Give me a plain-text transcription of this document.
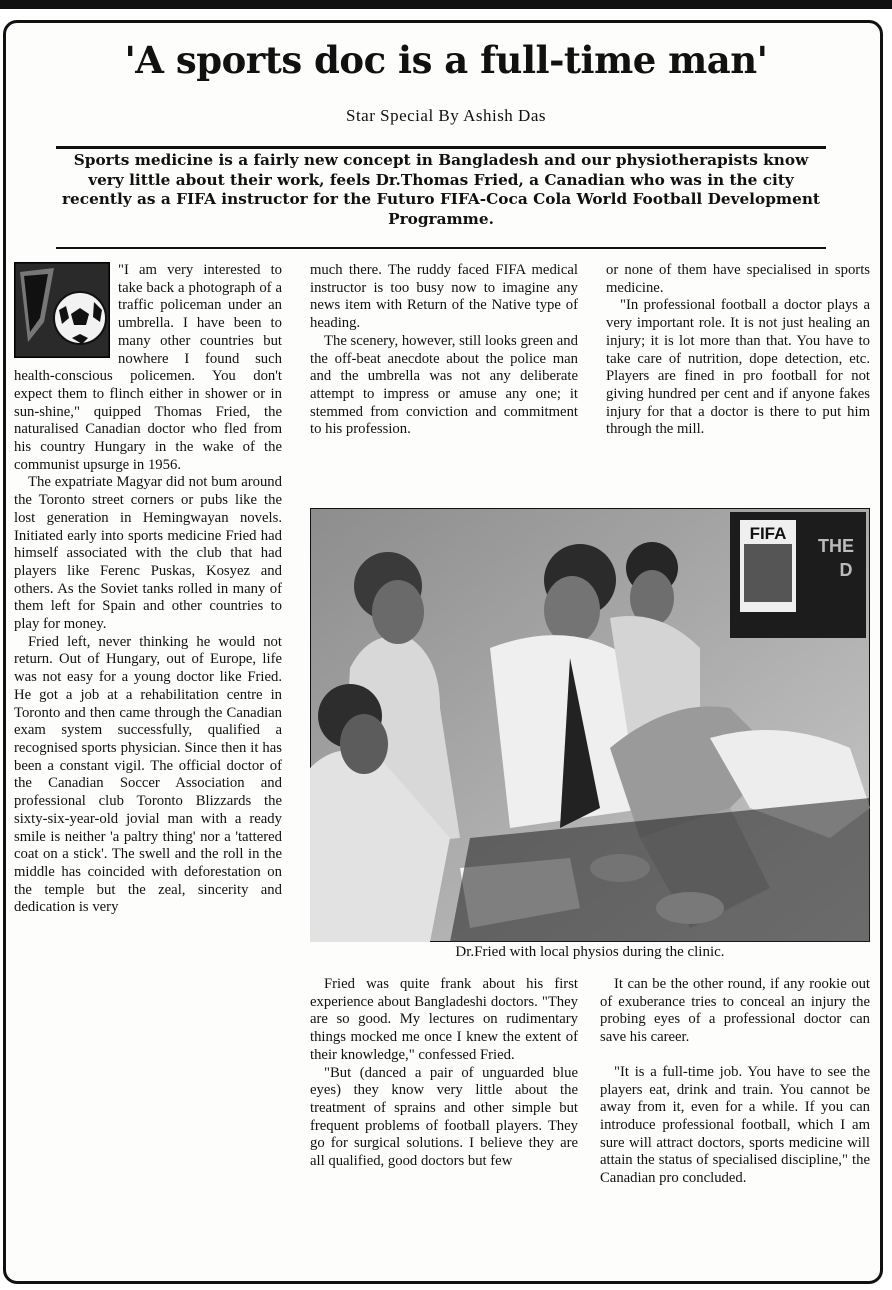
'A sports doc is a full-time man'
Star Special By Ashish Das
Sports medicine is a fairly new concept in Bangladesh and our physiotherapists know very little about their work, feels Dr.Thomas Fried, a Canadian who was in the city recently as a FIFA instructor for the Futuro FIFA-Coca Cola World Football Development Programme.

"I am very interested to take back a photograph of a traffic policeman under an umbrella. I have been to many other countries but nowhere I found such health-conscious policemen. You don't expect them to flinch either in shower or in sun-shine," quipped Thomas Fried, the naturalised Canadian doctor who fled from his country Hungary in the wake of the communist upsurge in 1956.

The expatriate Magyar did not bum around the Toronto street corners or pubs like the lost generation in Hemingwayan novels. Initiated early into sports medicine Fried had himself associated with the club that had players like Ferenc Puskas, Kosyez and others. As the Soviet tanks rolled in many of them left for Spain and other countries to play for money.

Fried left, never thinking he would not return. Out of Hungary, out of Europe, life was not easy for a young doctor like Fried. He got a job at a rehabilitation centre in Toronto and then came through the Canadian exam system successfully, qualified a recognised sports physician. Since then it has been a constant vigil. The official doctor of the Canadian Soccer Association and professional club Toronto Blizzards the sixty-six-year-old jovial man with a ready smile is neither 'a paltry thing' nor a 'tattered coat on a stick'. The swell and the roll in the middle has coincided with deforestation on the temple but the zeal, sincerity and dedication is very

much there. The ruddy faced FIFA medical instructor is too busy now to imagine any news item with Return of the Native type of heading.

The scenery, however, still looks green and the off-beat anecdote about the police man and the umbrella was not any deliberate attempt to impress or amuse any one; it stemmed from conviction and commitment to his profession.

or none of them have specialised in sports medicine.

"In professional football a doctor plays a very important role. It is not just healing an injury; it is lot more than that. You have to take care of nutrition, dope detection, etc. Players are fined in pro football for not giving hundred per cent and if anyone fakes injury for that a doctor is there to put him through the mill.

FIFA
THE
D
Dr.Fried with local physios during the clinic.

Fried was quite frank about his first experience about Bangladeshi doctors. "They are so good. My lectures on rudimentary things mocked me once I knew the extent of their knowledge," confessed Fried.

"But (danced a pair of unguarded blue eyes) they know very little about the treatment of sprains and other simple but frequent problems of football players. They go for surgical solutions. I believe they are all qualified, good doctors but few

It can be the other round, if any rookie out of exuberance tries to conceal an injury the probing eyes of a professional doctor can save his career.

"It is a full-time job. You have to see the players eat, drink and train. You cannot be away from it, even for a while. If you can introduce professional football, which I am sure will attract doctors, sports medicine will attain the status of specialised discipline," the Canadian pro concluded.
